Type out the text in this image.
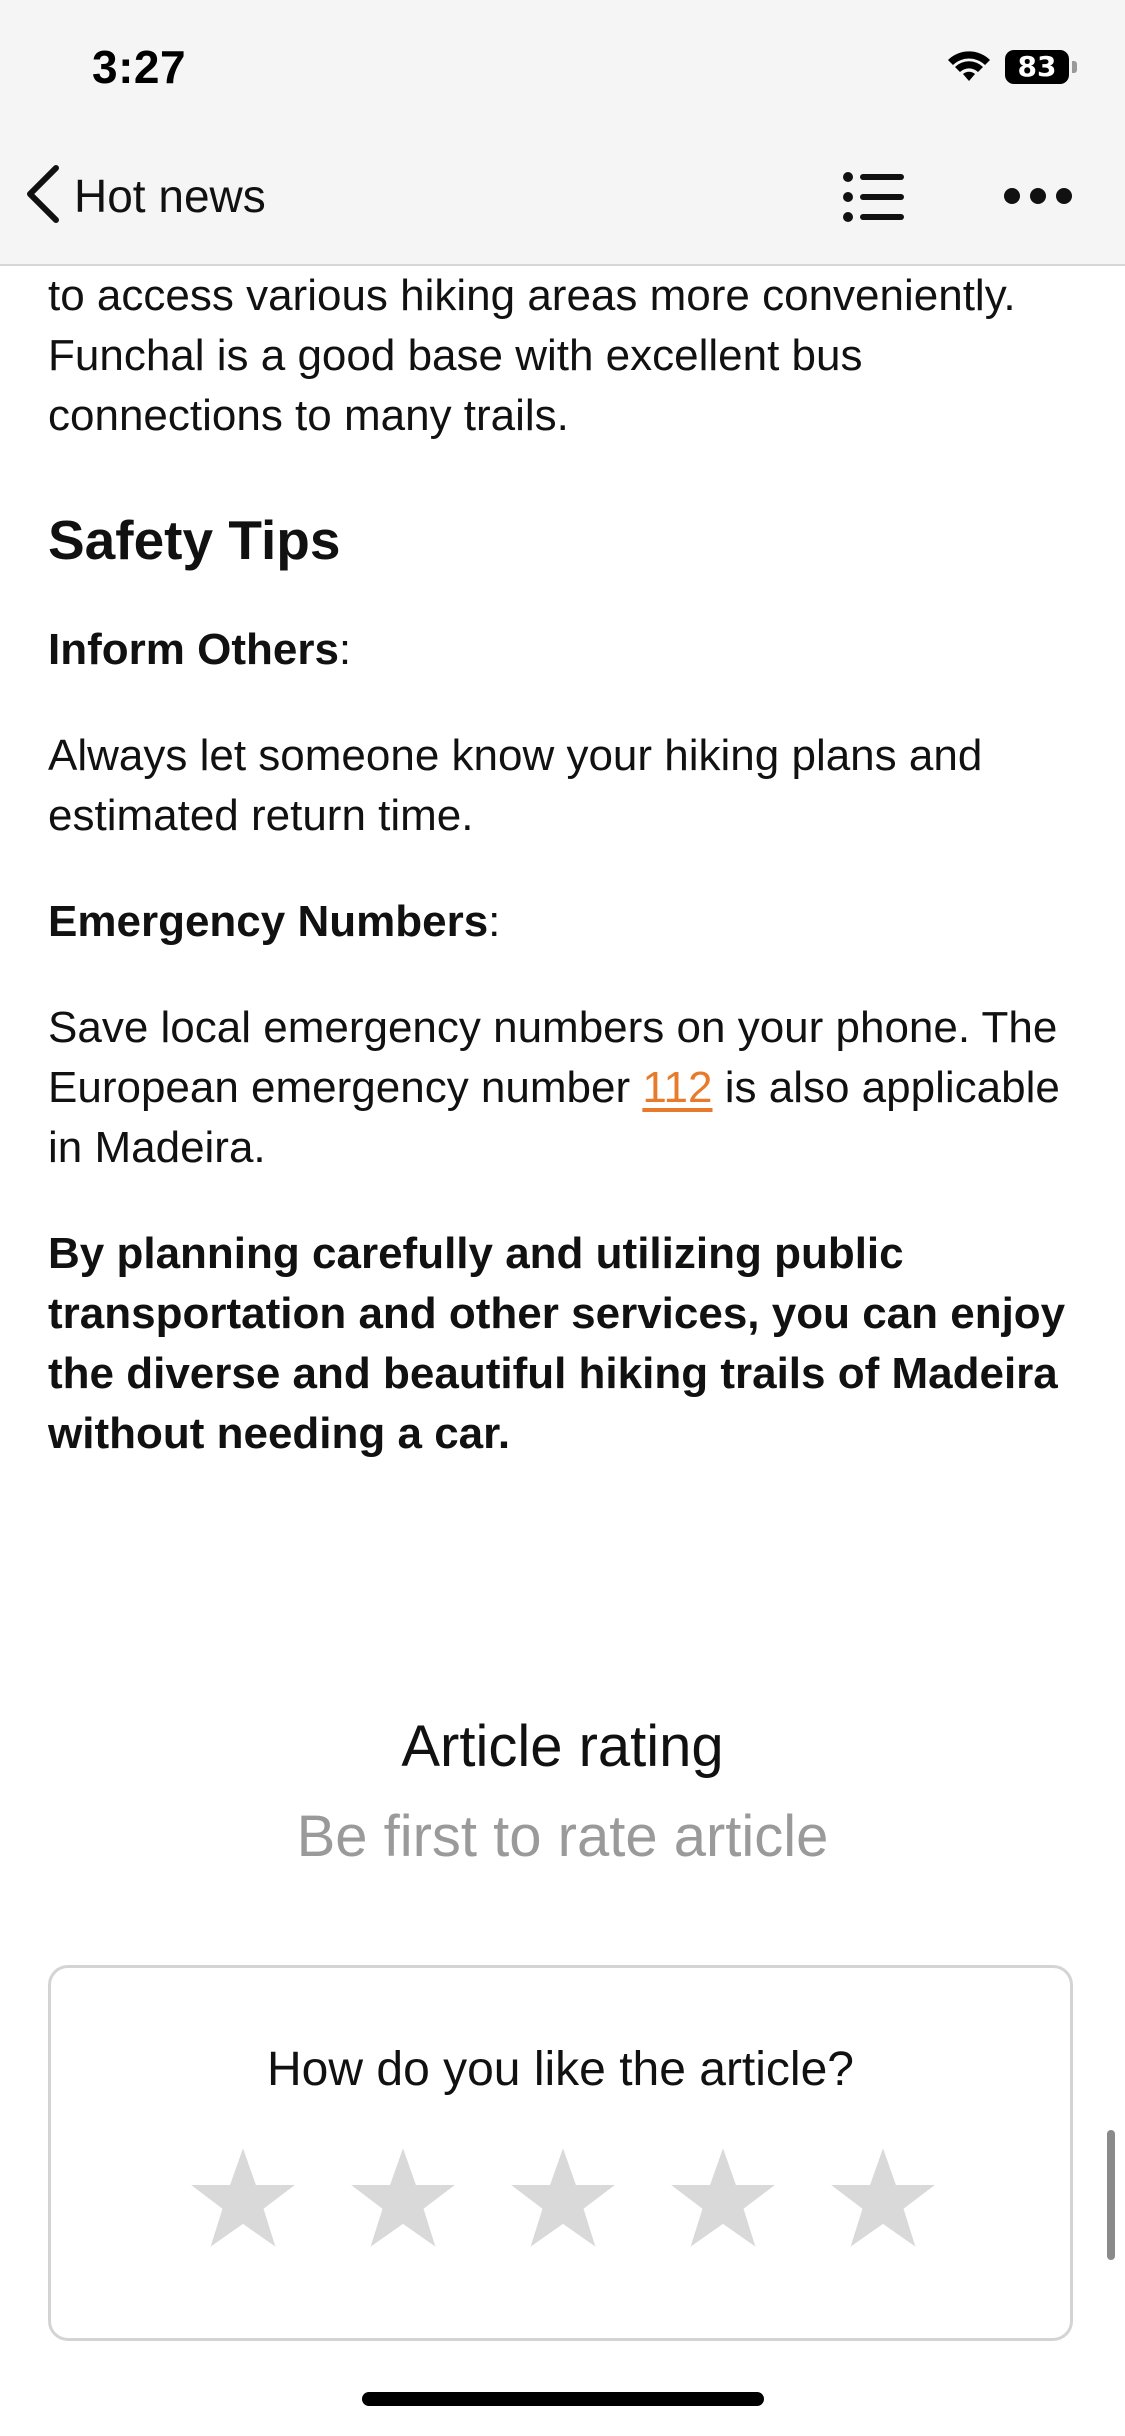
3:27	83
Hot news

to access various hiking areas more conveniently. Funchal is a good base with excellent bus connections to many trails.

Safety Tips

Inform Others:

Always let someone know your hiking plans and estimated return time.

Emergency Numbers:

Save local emergency numbers on your phone. The European emergency number 112 is also applicable in Madeira.

By planning carefully and utilizing public transportation and other services, you can enjoy the diverse and beautiful hiking trails of Madeira without needing a car.

Article rating
Be first to rate article
How do you like the article?
